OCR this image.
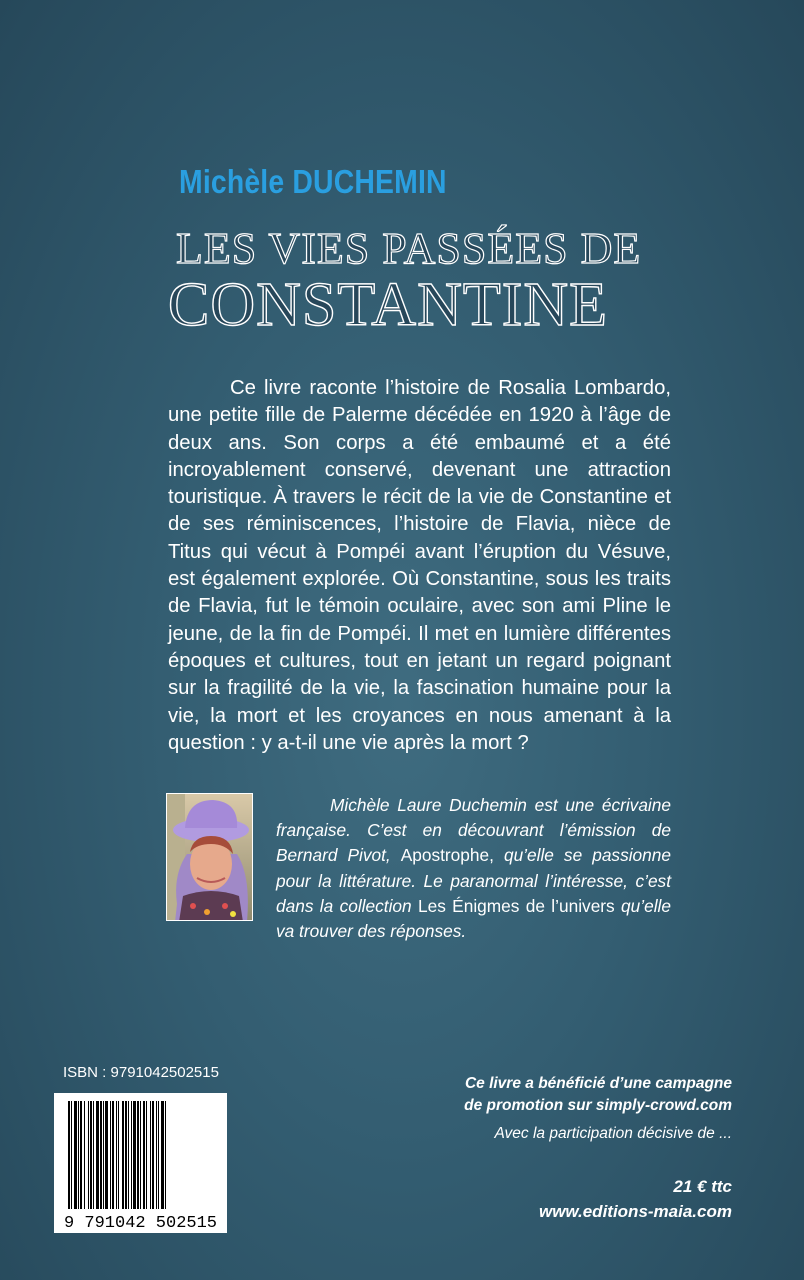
Michèle DUCHEMIN
LES VIES PASSÉES DE
CONSTANTINE
Ce livre raconte l’histoire de Rosalia Lombardo, une petite fille de Palerme décédée en 1920 à l’âge de deux ans. Son corps a été embaumé et a été incroyablement conservé, devenant une attraction touristique. À travers le récit de la vie de Constantine et de ses réminiscences, l’histoire de Flavia, nièce de Titus qui vécut à Pompéi avant l’éruption du Vésuve, est également explorée. Où Constantine, sous les traits de Flavia, fut le témoin oculaire, avec son ami Pline le jeune, de la fin de Pompéi. Il met en lumière différentes époques et cultures, tout en jetant un regard poignant sur la fragilité de la vie, la fascination humaine pour la vie, la mort et les croyances en nous amenant à la question : y a-t-il une vie après la mort ?
Michèle Laure Duchemin est une écrivaine française. C’est en découvrant l’émission de Bernard Pivot, Apostrophe, qu’elle se passionne pour la littérature. Le paranormal l’intéresse, c’est dans la collection Les Énigmes de l’univers qu’elle va trouver des réponses.
ISBN : 9791042502515
9 791042 502515
Ce livre a bénéficié d’une campagne
de promotion sur simply-crowd.com
Avec la participation décisive de ...
21 € ttc
www.editions-maia.com
